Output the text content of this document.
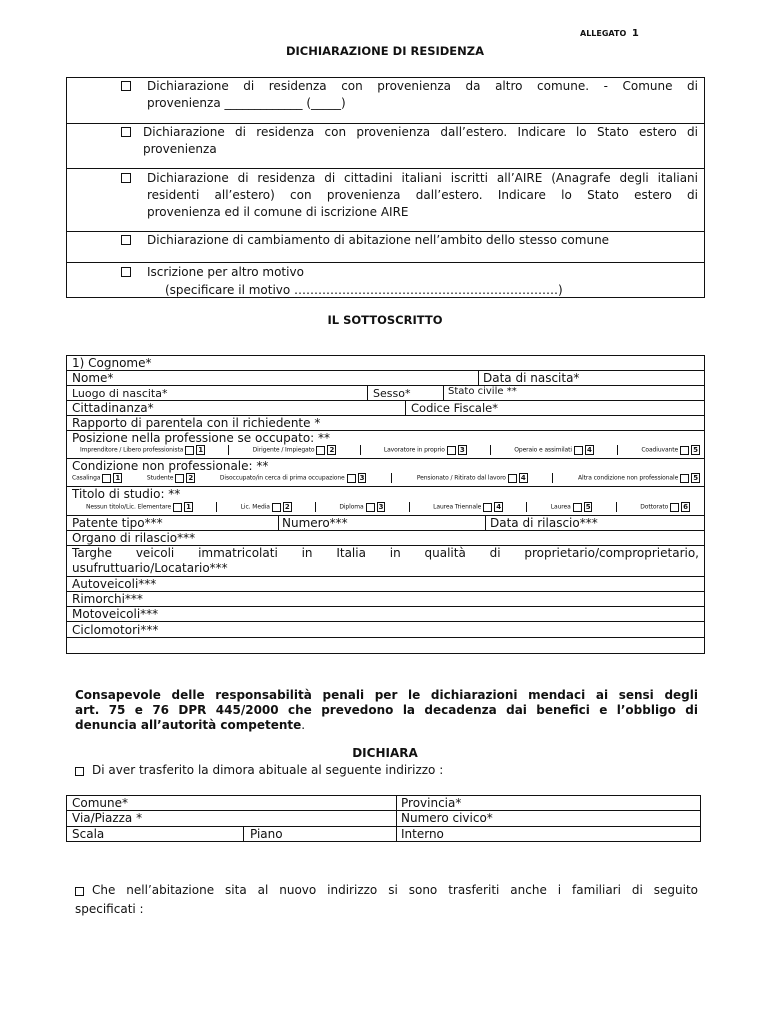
ALLEGATO 1
DICHIARAZIONE DI RESIDENZA
Dichiarazione di residenza con provenienza da altro comune. - Comune di
provenienza _____________ (_____)
Dichiarazione di residenza con provenienza dall’estero. Indicare lo Stato estero di
provenienza
Dichiarazione di residenza di cittadini italiani iscritti all’AIRE (Anagrafe degli italiani
residenti all’estero) con provenienza dall’estero. Indicare lo Stato estero di
provenienza ed il comune di iscrizione AIRE
Dichiarazione di cambiamento di abitazione nell’ambito dello stesso comune
Iscrizione per altro motivo
(specificare il motivo …………………………………………………………)
IL SOTTOSCRITTO
1) Cognome*
Nome*	Data di nascita*
Luogo di nascita*	Sesso*	Stato civile **
Cittadinanza*	Codice Fiscale*
Rapporto di parentela con il richiedente *
Posizione nella professione se occupato: **
Imprenditore / Libero professionista 1	Dirigente / Impiegato 2	Lavoratore in proprio 3	Operaio e assimilati 4	Coadiuvante 5
Condizione non professionale: **
Casalinga 1	Studente 2	Disoccupato/in cerca di prima occupazione 3	Pensionato / Ritirato dal lavoro 4	Altra condizione non professionale 5
Titolo di studio: **
Nessun titolo/Lic. Elementare 1	Lic. Media 2	Diploma 3	Laurea Triennale 4	Laurea 5	Dottorato 6
Patente tipo***	Numero***	Data di rilascio***
Organo di rilascio***
Targhe veicoli immatricolati in Italia in qualità di proprietario/comproprietario,
usufruttuario/Locatario***
Autoveicoli***
Rimorchi***
Motoveicoli***
Ciclomotori***
Consapevole delle responsabilità penali per le dichiarazioni mendaci ai sensi degli
art. 75 e 76 DPR 445/2000 che prevedono la decadenza dai benefici e l’obbligo di
denuncia all’autorità competente.
DICHIARA
Di aver trasferito la dimora abituale al seguente indirizzo :
Comune*	Provincia*
Via/Piazza *	Numero civico*
Scala	Piano	Interno
Che nell’abitazione sita al nuovo indirizzo si sono trasferiti anche i familiari di seguito
specificati :
